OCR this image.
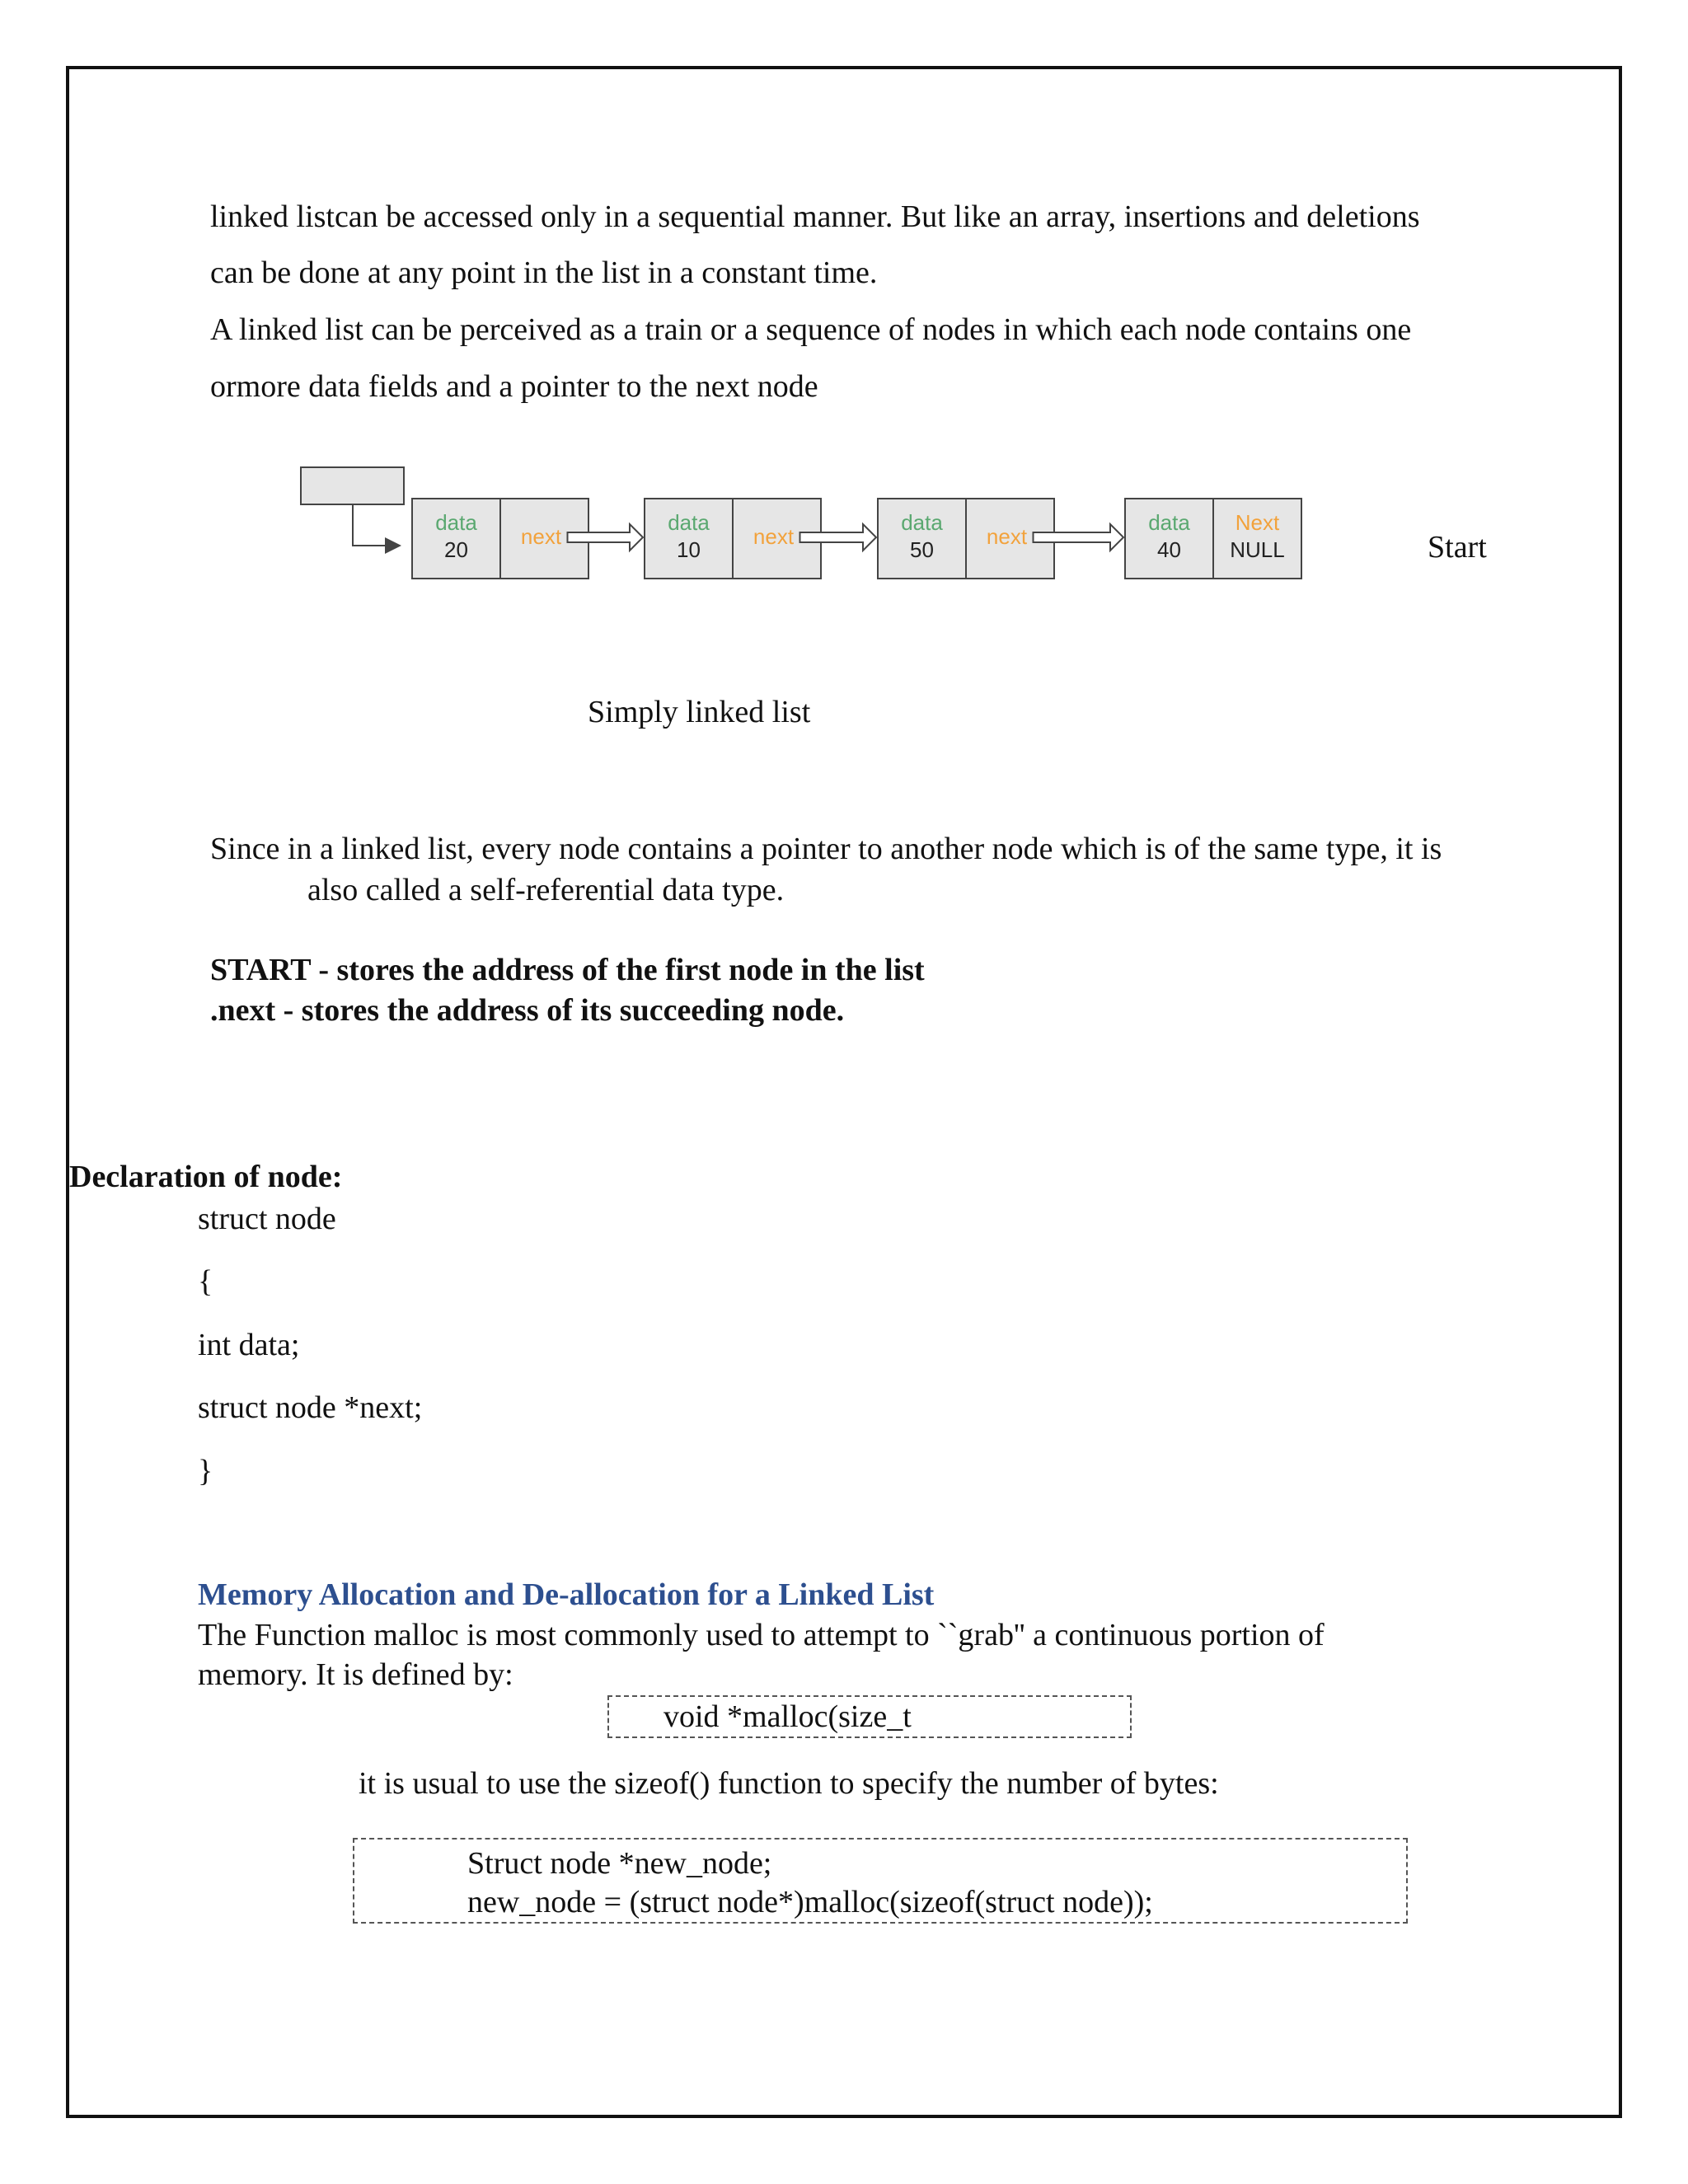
linked listcan be accessed only in a sequential manner. But like an array, insertions and deletions
can be done at any point in the list in a constant time.
A linked list can be perceived as a train or a sequence of nodes in which each node contains one
ormore data fields and a pointer to the next node
data
20
next
data
10
next
data
50
next
data
40
Next
NULL	Start
Simply linked list
Since in a linked list, every node contains a pointer to another node which is of the same type, it is
also called a self-referential data type.
START - stores the address of the first node in the list
.next - stores the address of its succeeding node.
Declaration of node:
struct node
{
int data;
struct node *next;
}
Memory Allocation and De-allocation for a Linked List
The Function malloc is most commonly used to attempt to ``grab'' a continuous portion of
memory. It is defined by:
void *malloc(size_t
it is usual to use the sizeof() function to specify the number of bytes:
Struct node *new_node;
new_node = (struct node*)malloc(sizeof(struct node));
